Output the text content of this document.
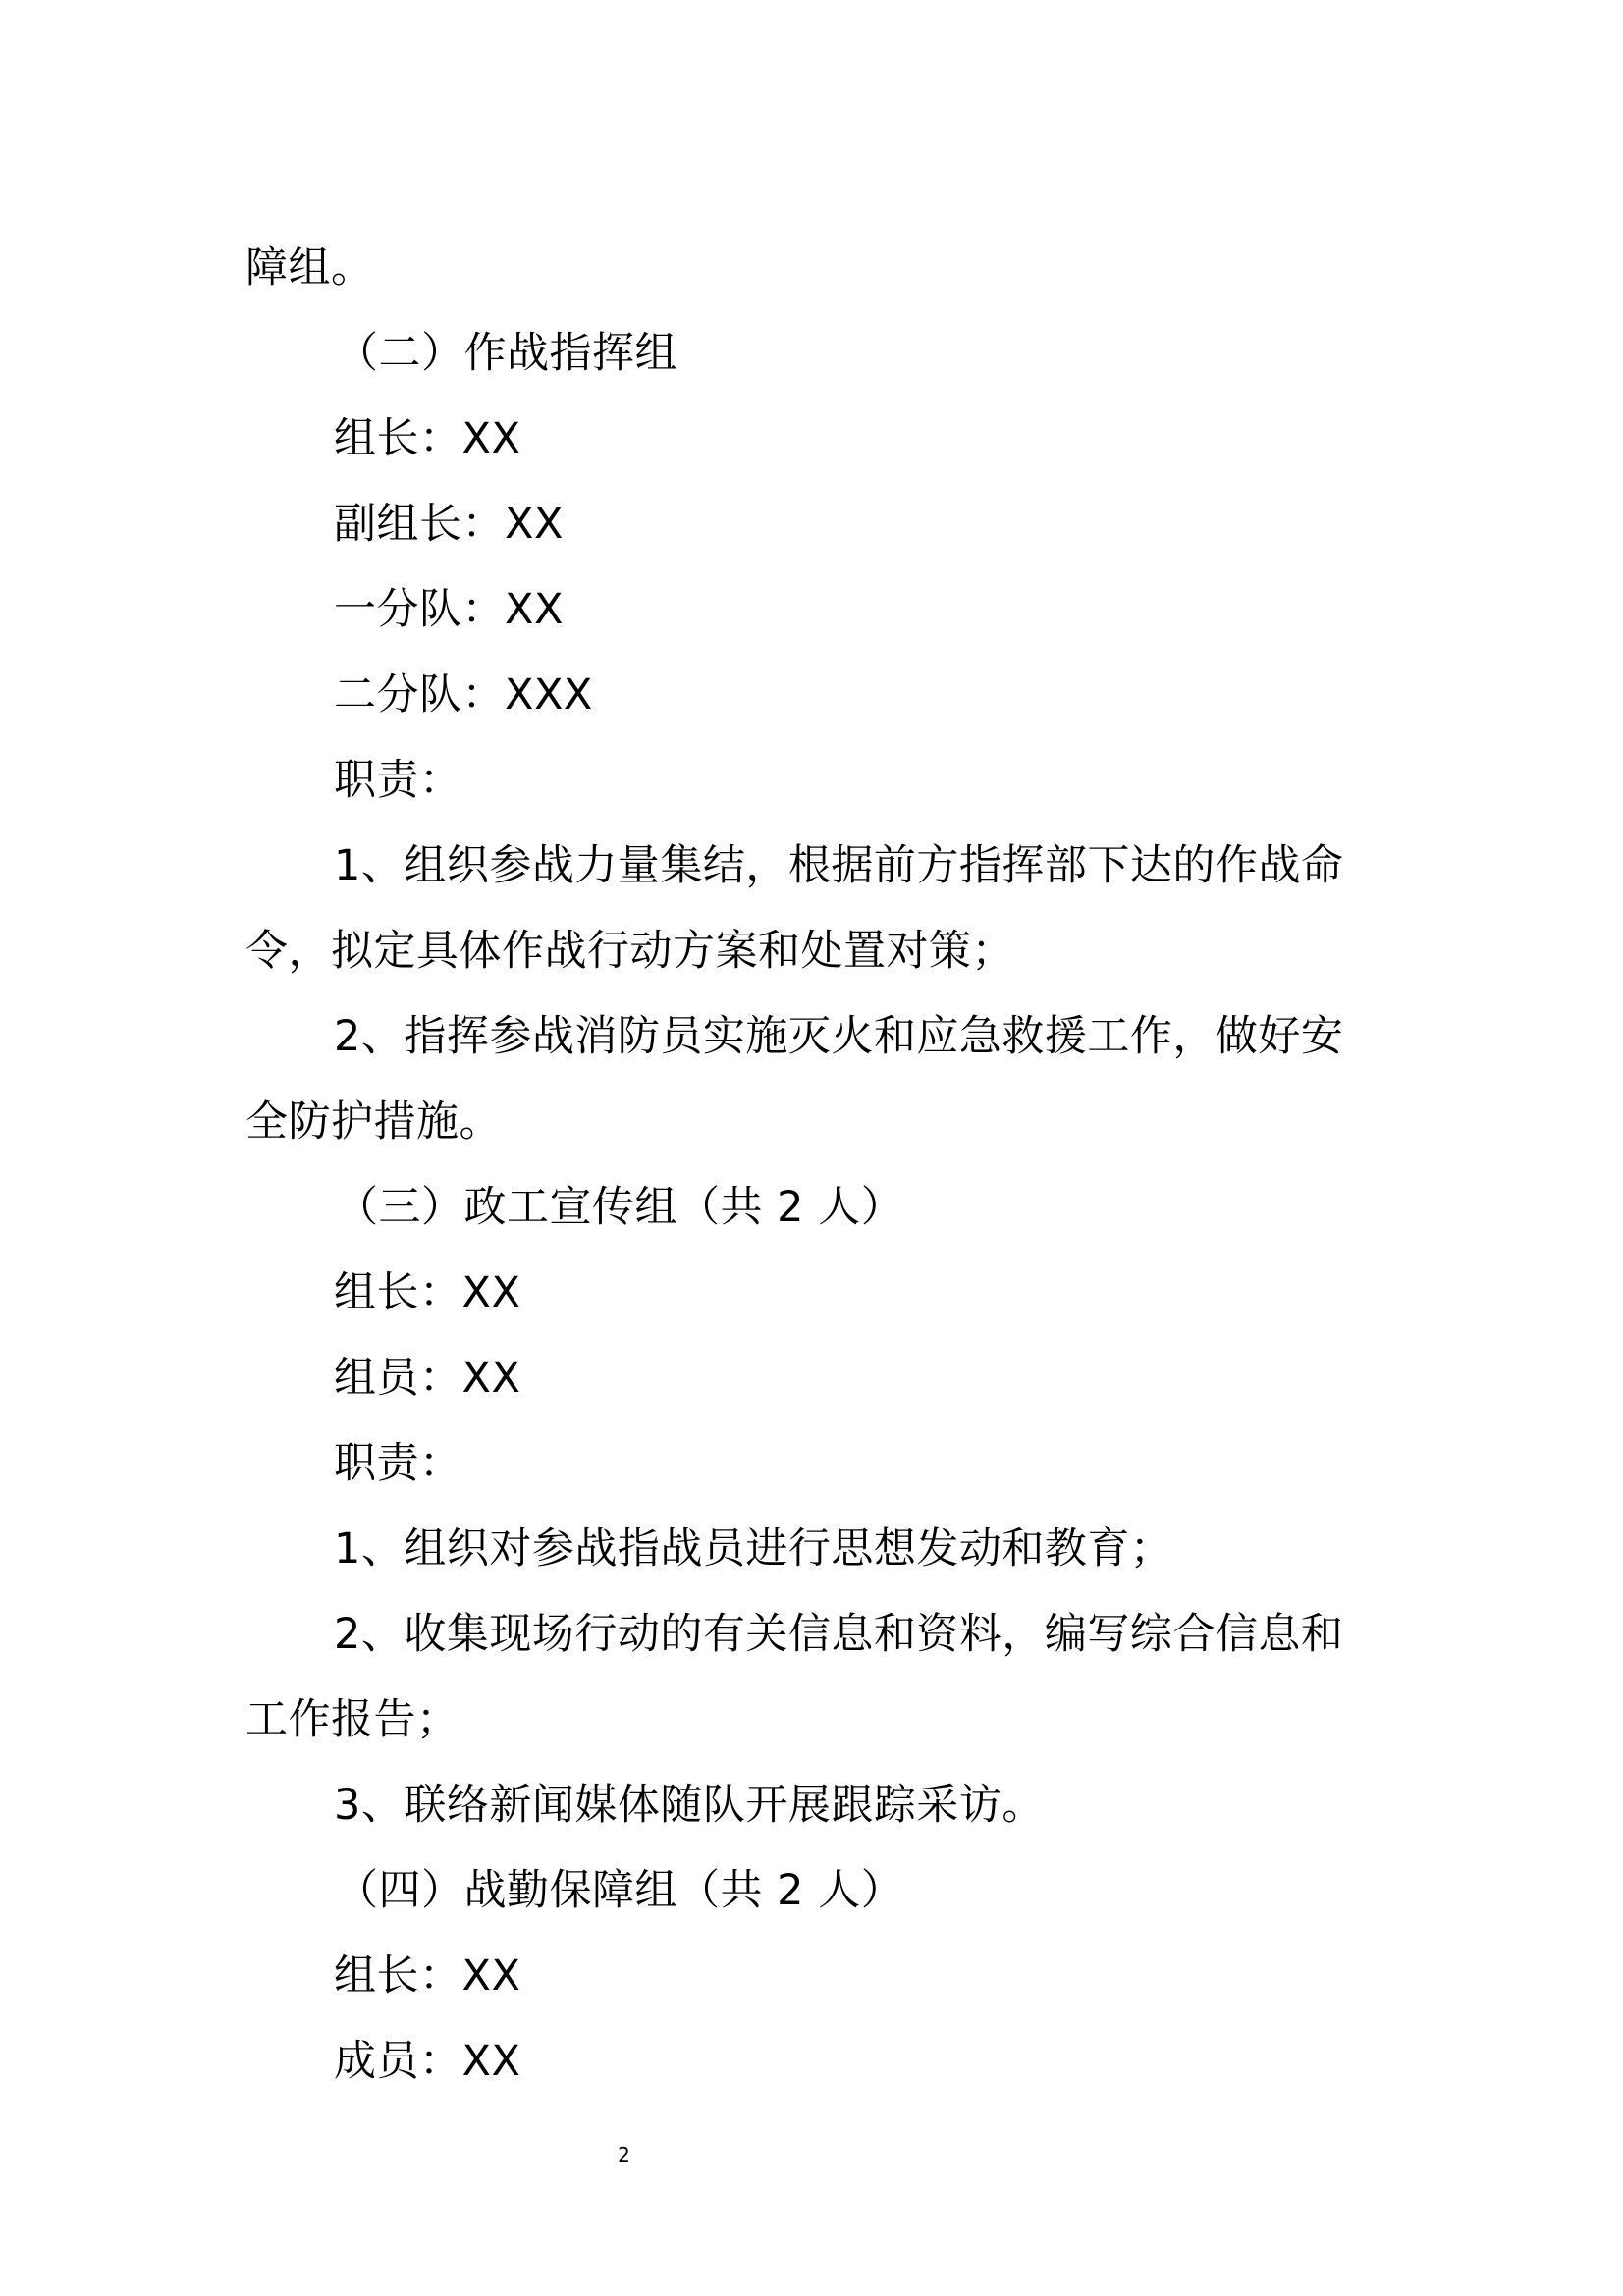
障组。
（二）作战指挥组
组长：XX
副组长：XX
一分队：XX
二分队：XXX
职责：
1、组织参战力量集结，根据前方指挥部下达的作战命
令，拟定具体作战行动方案和处置对策；
2、指挥参战消防员实施灭火和应急救援工作，做好安
全防护措施。
（三）政工宣传组（共 2 人）
组长：XX
组员：XX
职责：
1、组织对参战指战员进行思想发动和教育；
2、收集现场行动的有关信息和资料，编写综合信息和
工作报告；
3、联络新闻媒体随队开展跟踪采访。
（四）战勤保障组（共 2 人）
组长：XX
成员：XX
2
